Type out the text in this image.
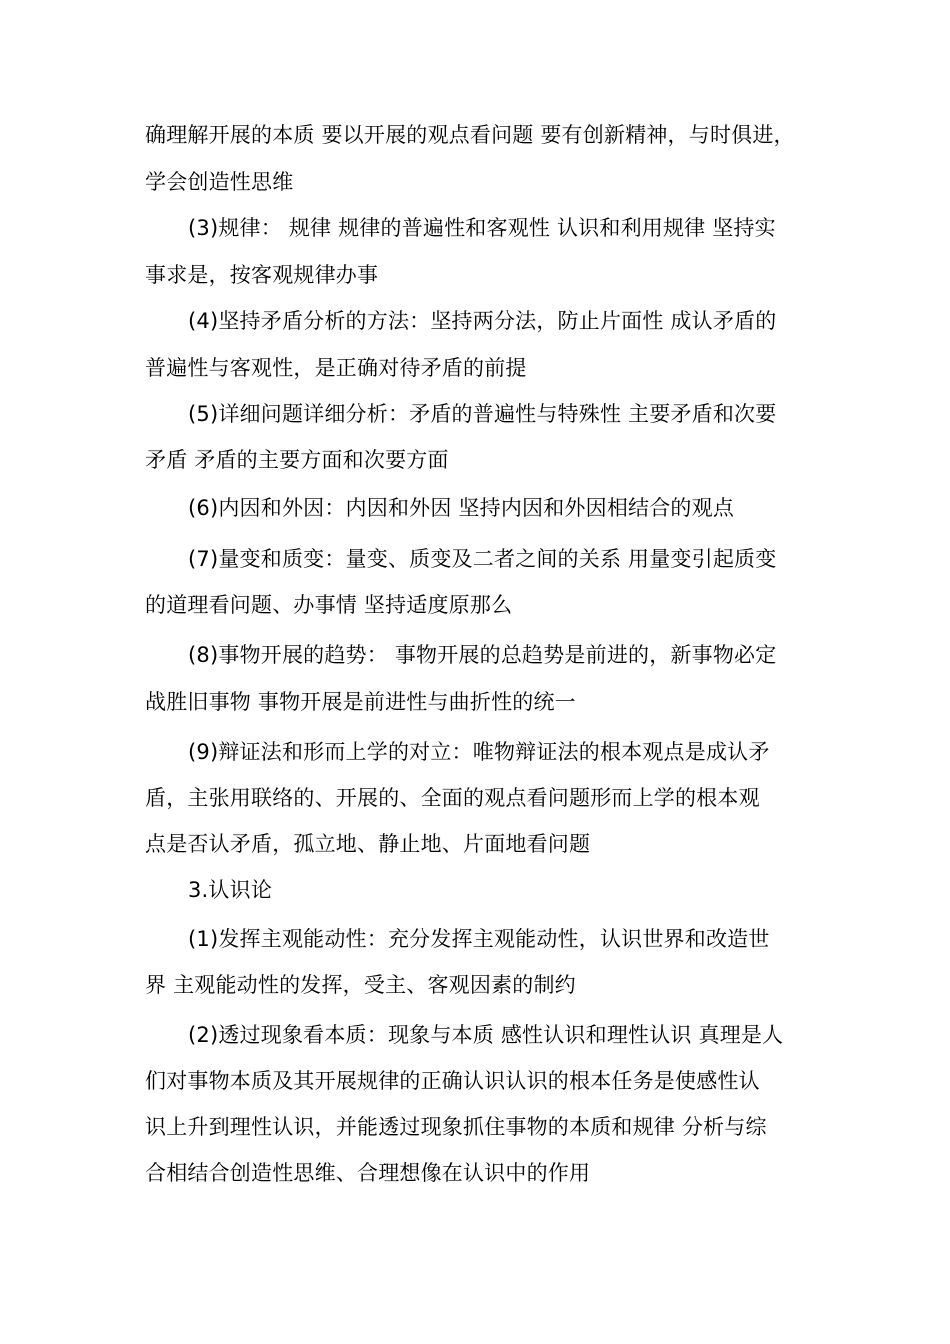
确理解开展的本质 要以开展的观点看问题 要有创新精神，与时俱进，
学会创造性思维
(3)规律： 规律 规律的普遍性和客观性 认识和利用规律 坚持实
事求是，按客观规律办事
(4)坚持矛盾分析的方法：坚持两分法，防止片面性 成认矛盾的
普遍性与客观性，是正确对待矛盾的前提
(5)详细问题详细分析：矛盾的普遍性与特殊性 主要矛盾和次要
矛盾 矛盾的主要方面和次要方面
(6)内因和外因：内因和外因 坚持内因和外因相结合的观点
(7)量变和质变：量变、质变及二者之间的关系 用量变引起质变
的道理看问题、办事情 坚持适度原那么
(8)事物开展的趋势： 事物开展的总趋势是前进的，新事物必定
战胜旧事物 事物开展是前进性与曲折性的统一
(9)辩证法和形而上学的对立：唯物辩证法的根本观点是成认矛
盾，主张用联络的、开展的、全面的观点看问题形而上学的根本观
点是否认矛盾，孤立地、静止地、片面地看问题
3.认识论
(1)发挥主观能动性：充分发挥主观能动性，认识世界和改造世
界 主观能动性的发挥，受主、客观因素的制约
(2)透过现象看本质：现象与本质 感性认识和理性认识 真理是人
们对事物本质及其开展规律的正确认识认识的根本任务是使感性认
识上升到理性认识，并能透过现象抓住事物的本质和规律 分析与综
合相结合创造性思维、合理想像在认识中的作用
